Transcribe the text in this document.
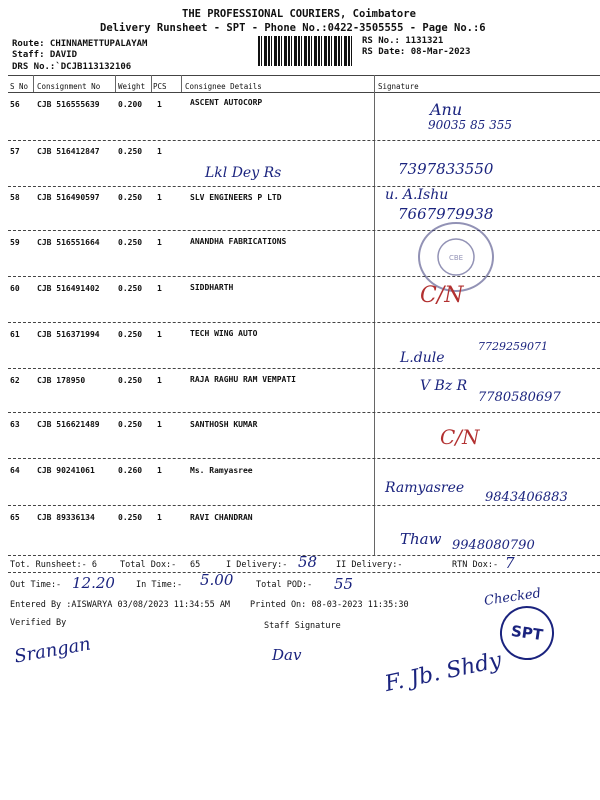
THE PROFESSIONAL COURIERS, Coimbatore
Delivery Runsheet - SPT - Phone No.:0422-3505555 - Page No.:6
Route: CHINNAMETTUPALAYAM
Staff: DAVID
DRS No.:`DCJB113132106
RS No.: 1131321
RS Date: 08-Mar-2023
S No Consignment No Weight PCS Consignee Details	Signature
56 CJB 516555639 0.200 1	ASCENT AUTOCORP	Anu
90035 85 355
57 CJB 516412847 0.250 1
Lkl Dey Rs	7397833550
58 CJB 516490597 0.250 1	SLV ENGINEERS P LTD	u. A.Ishu
7667979938
59 CJB 516551664 0.250 1	ANANDHA FABRICATIONS
CBE
60 CJB 516491402 0.250 1	SIDDHARTH	C/N
61 CJB 516371994 0.250 1	TECH WING AUTO
L.dule
7729259071
62 CJB 178950	0.250 1	RAJA RAGHU RAM VEMPATI	V Bz R
7780580697
63 CJB 516621489 0.250 1	SANTHOSH KUMAR
C/N
64 CJB 90241061	0.260 1	Ms. Ramyasree
Ramyasree
9843406883
65 CJB 89336134	0.250 1	RAVI CHANDRAN
Thaw 9948080790
Tot. Runsheet:- 6	Total Dox:- 65	I Delivery:- 58 II Delivery:-	RTN Dox:- 7
Out Time:- 12.20 In Time:- 5.00	Total POD:- 55
Entered By :AISWARYA 03/08/2023 11:34:55 AM Printed On: 08-03-2023 11:35:30	Checked
Verified By	Staff Signature
Srangan	Dav	F. Jb. Shdy
SPT
